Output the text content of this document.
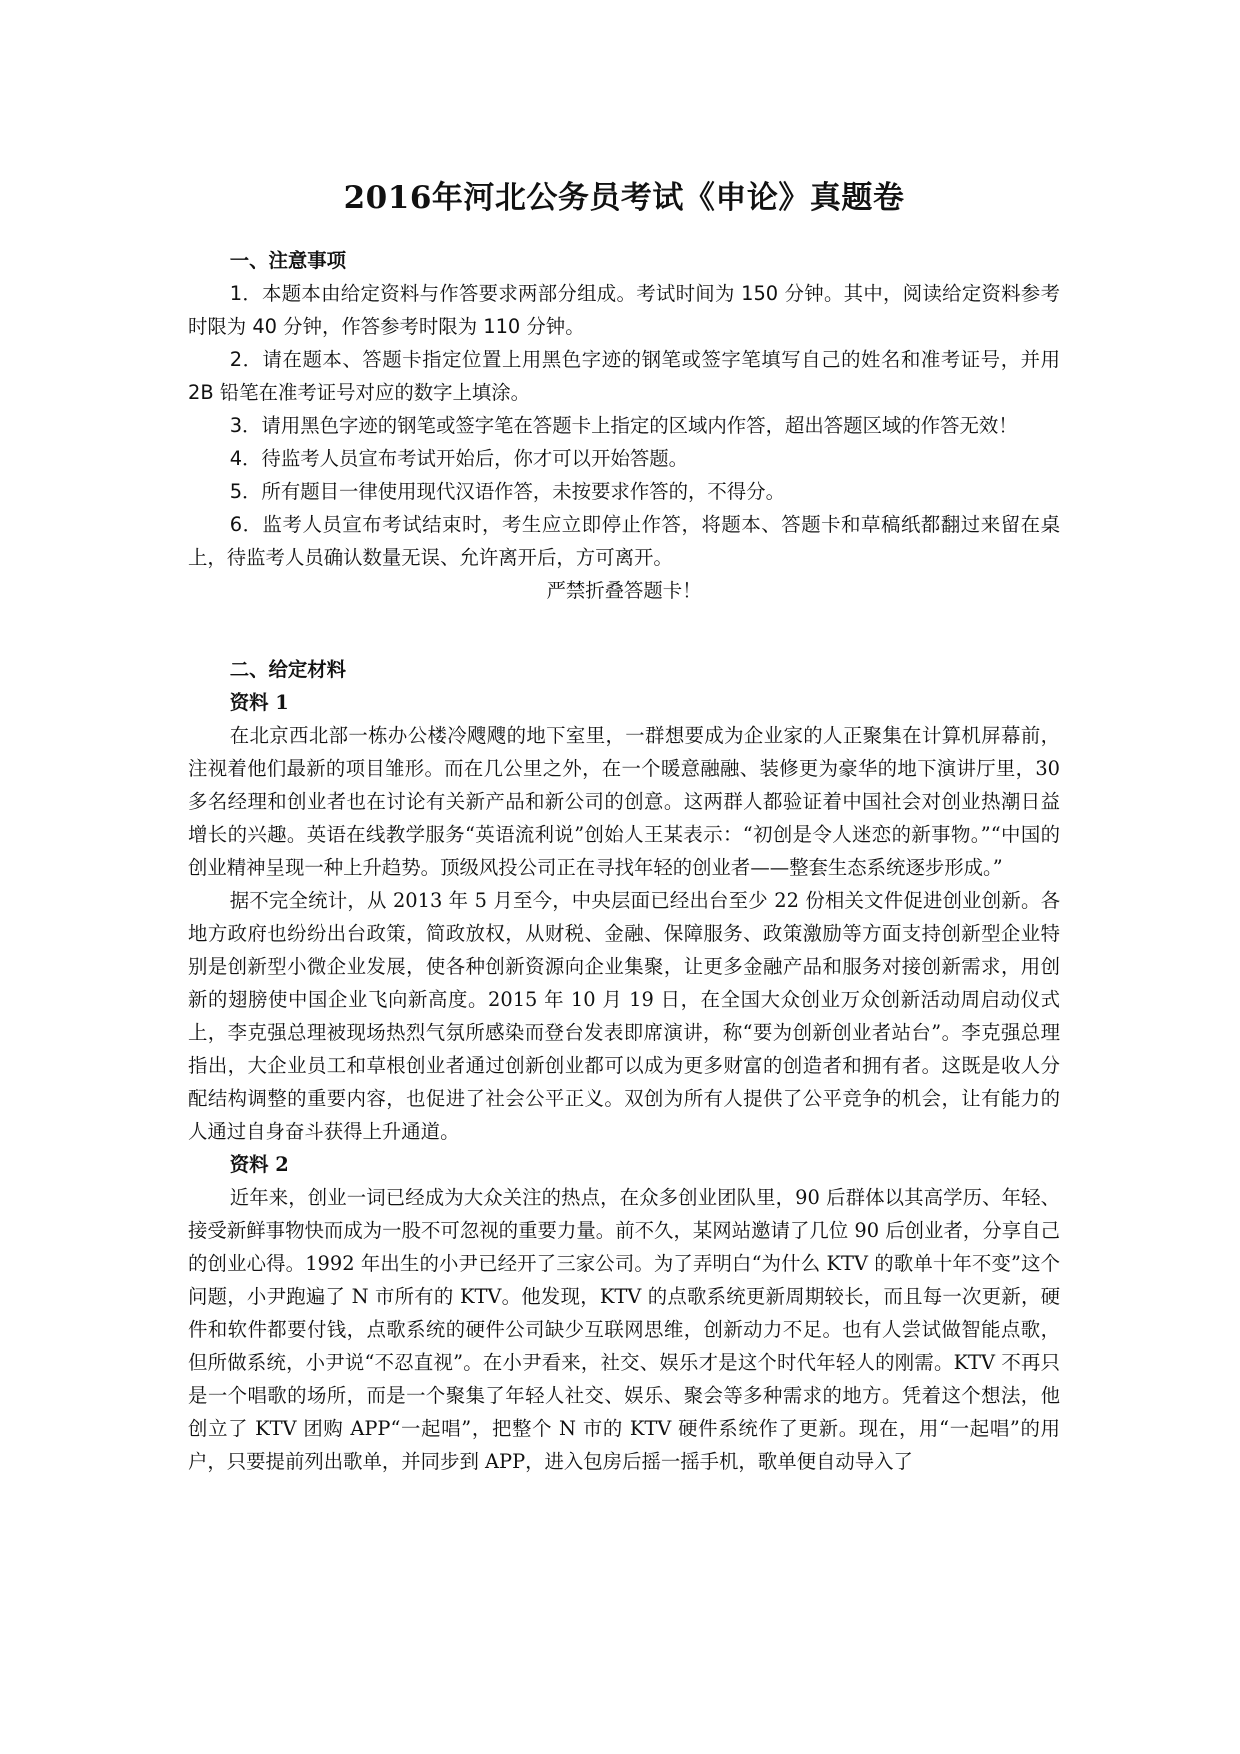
2016年河北公务员考试《申论》真题卷
一、注意事项
1．本题本由给定资料与作答要求两部分组成。考试时间为 150 分钟。其中，阅读给定资料参考时限为 40 分钟，作答参考时限为 110 分钟。
2．请在题本、答题卡指定位置上用黑色字迹的钢笔或签字笔填写自己的姓名和准考证号，并用 2B 铅笔在准考证号对应的数字上填涂。
3．请用黑色字迹的钢笔或签字笔在答题卡上指定的区域内作答，超出答题区域的作答无效！
4．待监考人员宣布考试开始后，你才可以开始答题。
5．所有题目一律使用现代汉语作答，未按要求作答的，不得分。
6．监考人员宣布考试结束时，考生应立即停止作答，将题本、答题卡和草稿纸都翻过来留在桌上，待监考人员确认数量无误、允许离开后，方可离开。
严禁折叠答题卡！
二、给定材料
资料 1
在北京西北部一栋办公楼冷飕飕的地下室里，一群想要成为企业家的人正聚集在计算机屏幕前，注视着他们最新的项目雏形。而在几公里之外，在一个暖意融融、装修更为豪华的地下演讲厅里，30 多名经理和创业者也在讨论有关新产品和新公司的创意。这两群人都验证着中国社会对创业热潮日益增长的兴趣。英语在线教学服务“英语流利说”创始人王某表示：“初创是令人迷恋的新事物。”“中国的创业精神呈现一种上升趋势。顶级风投公司正在寻找年轻的创业者——整套生态系统逐步形成。”
据不完全统计，从 2013 年 5 月至今，中央层面已经出台至少 22 份相关文件促进创业创新。各地方政府也纷纷出台政策，简政放权，从财税、金融、保障服务、政策激励等方面支持创新型企业特别是创新型小微企业发展，使各种创新资源向企业集聚，让更多金融产品和服务对接创新需求，用创新的翅膀使中国企业飞向新高度。2015 年 10 月 19 日，在全国大众创业万众创新活动周启动仪式上，李克强总理被现场热烈气氛所感染而登台发表即席演讲，称“要为创新创业者站台”。李克强总理指出，大企业员工和草根创业者通过创新创业都可以成为更多财富的创造者和拥有者。这既是收人分配结构调整的重要内容，也促进了社会公平正义。双创为所有人提供了公平竞争的机会，让有能力的人通过自身奋斗获得上升通道。
资料 2
近年来，创业一词已经成为大众关注的热点，在众多创业团队里，90 后群体以其高学历、年轻、接受新鲜事物快而成为一股不可忽视的重要力量。前不久，某网站邀请了几位 90 后创业者，分享自己的创业心得。1992 年出生的小尹已经开了三家公司。为了弄明白“为什么 KTV 的歌单十年不变”这个问题，小尹跑遍了 N 市所有的 KTV。他发现，KTV 的点歌系统更新周期较长，而且每一次更新，硬件和软件都要付钱，点歌系统的硬件公司缺少互联网思维，创新动力不足。也有人尝试做智能点歌，但所做系统，小尹说“不忍直视”。在小尹看来，社交、娱乐才是这个时代年轻人的刚需。KTV 不再只是一个唱歌的场所，而是一个聚集了年轻人社交、娱乐、聚会等多种需求的地方。凭着这个想法，他创立了 KTV 团购 APP“一起唱”，把整个 N 市的 KTV 硬件系统作了更新。现在，用“一起唱”的用户，只要提前列出歌单，并同步到 APP，进入包房后摇一摇手机，歌单便自动导入了
